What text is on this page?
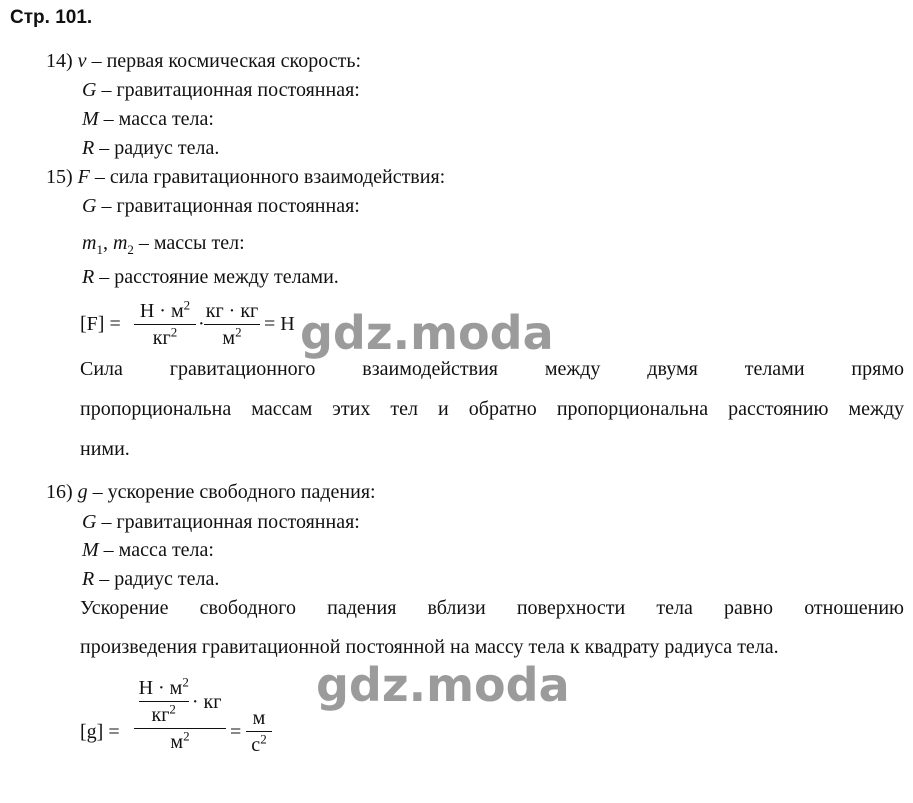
Стр. 101.
14) v – первая космическая скорость:
G – гравитационная постоянная:
M – масса тела:
R – радиус тела.
15) F – сила гравитационного взаимодействия:
G – гравитационная постоянная:
$m_1$, $m_2$ – массы тел:
R – расстояние между телами.
[F] =
$Н \cdot м^2$
$кг^2$	·
кг · кг
$м^2$	= Н
Сила гравитационного взаимодействия между двумя телами прямо
пропорциональна массам этих тел и обратно пропорциональна расстоянию между
ними.
16) g – ускорение свободного падения:
G – гравитационная постоянная:
M – масса тела:
R – радиус тела.
Ускорение свободного падения вблизи поверхности тела равно отношению
произведения гравитационной постоянной на массу тела к квадрату радиуса тела.
[g] =
$\frac{Н \cdot м^2}{кг^2}$ · кг
$м^2$	=
м
$с^2$
gdz.moda
gdz.moda
